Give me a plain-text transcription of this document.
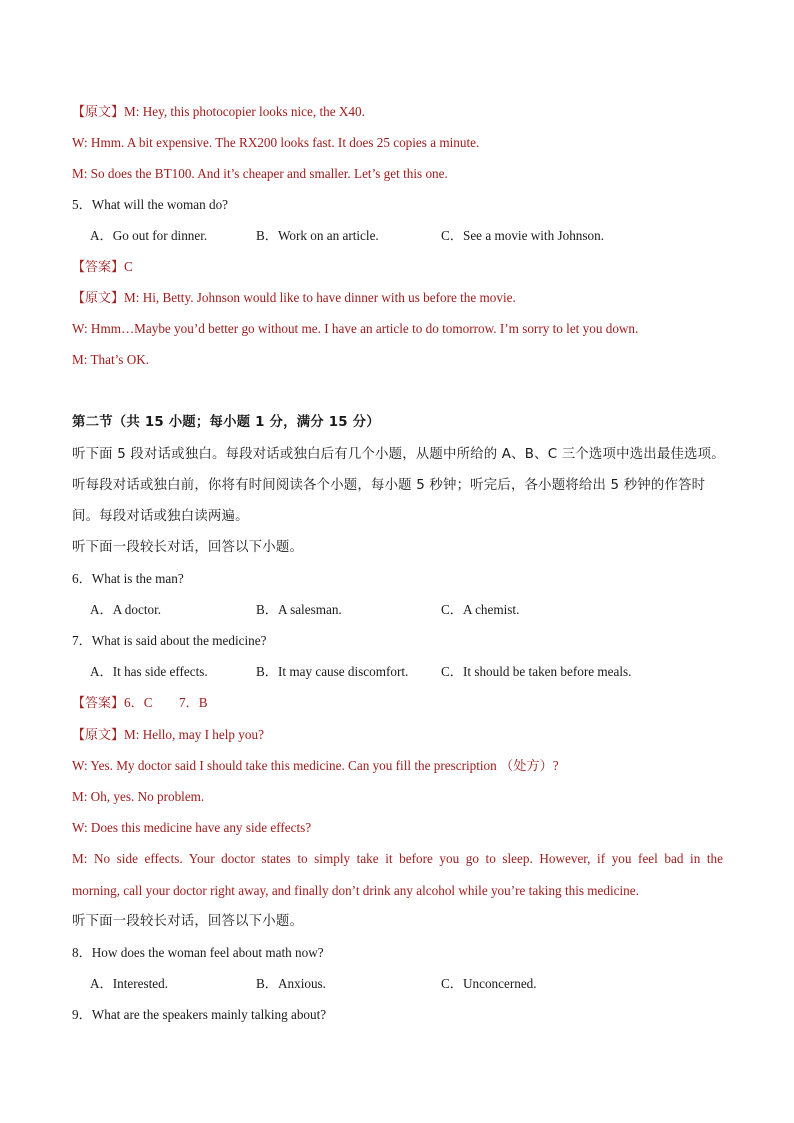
【原文】M: Hey, this photocopier looks nice, the X40.
W: Hmm. A bit expensive. The RX200 looks fast. It does 25 copies a minute.
M: So does the BT100. And it’s cheaper and smaller. Let’s get this one.
5．What will the woman do?
A．Go out for dinner.	B．Work on an article.	C．See a movie with Johnson.
【答案】C
【原文】M: Hi, Betty. Johnson would like to have dinner with us before the movie.
W: Hmm…Maybe you’d better go without me. I have an article to do tomorrow. I’m sorry to let you down.
M: That’s OK.
第二节（共 15 小题；每小题 1 分，满分 15 分）
听下面 5 段对话或独白。每段对话或独白后有几个小题，从题中所给的 A、B、C 三个选项中选出最佳选项。
听每段对话或独白前，你将有时间阅读各个小题，每小题 5 秒钟；听完后，各小题将给出 5 秒钟的作答时
间。每段对话或独白读两遍。
听下面一段较长对话，回答以下小题。
6．What is the man?
A．A doctor.	B．A salesman.	C．A chemist.
7．What is said about the medicine?
A．It has side effects.	B．It may cause discomfort. C．It should be taken before meals.
【答案】6．C　　7．B
【原文】M: Hello, may I help you?
W: Yes. My doctor said I should take this medicine. Can you fill the prescription （处方）?
M: Oh, yes. No problem.
W: Does this medicine have any side effects?
M: No side effects. Your doctor states to simply take it before you go to sleep. However, if you feel bad in the
morning, call your doctor right away, and finally don’t drink any alcohol while you’re taking this medicine.
听下面一段较长对话，回答以下小题。
8．How does the woman feel about math now?
A．Interested.	B．Anxious.	C．Unconcerned.
9．What are the speakers mainly talking about?
